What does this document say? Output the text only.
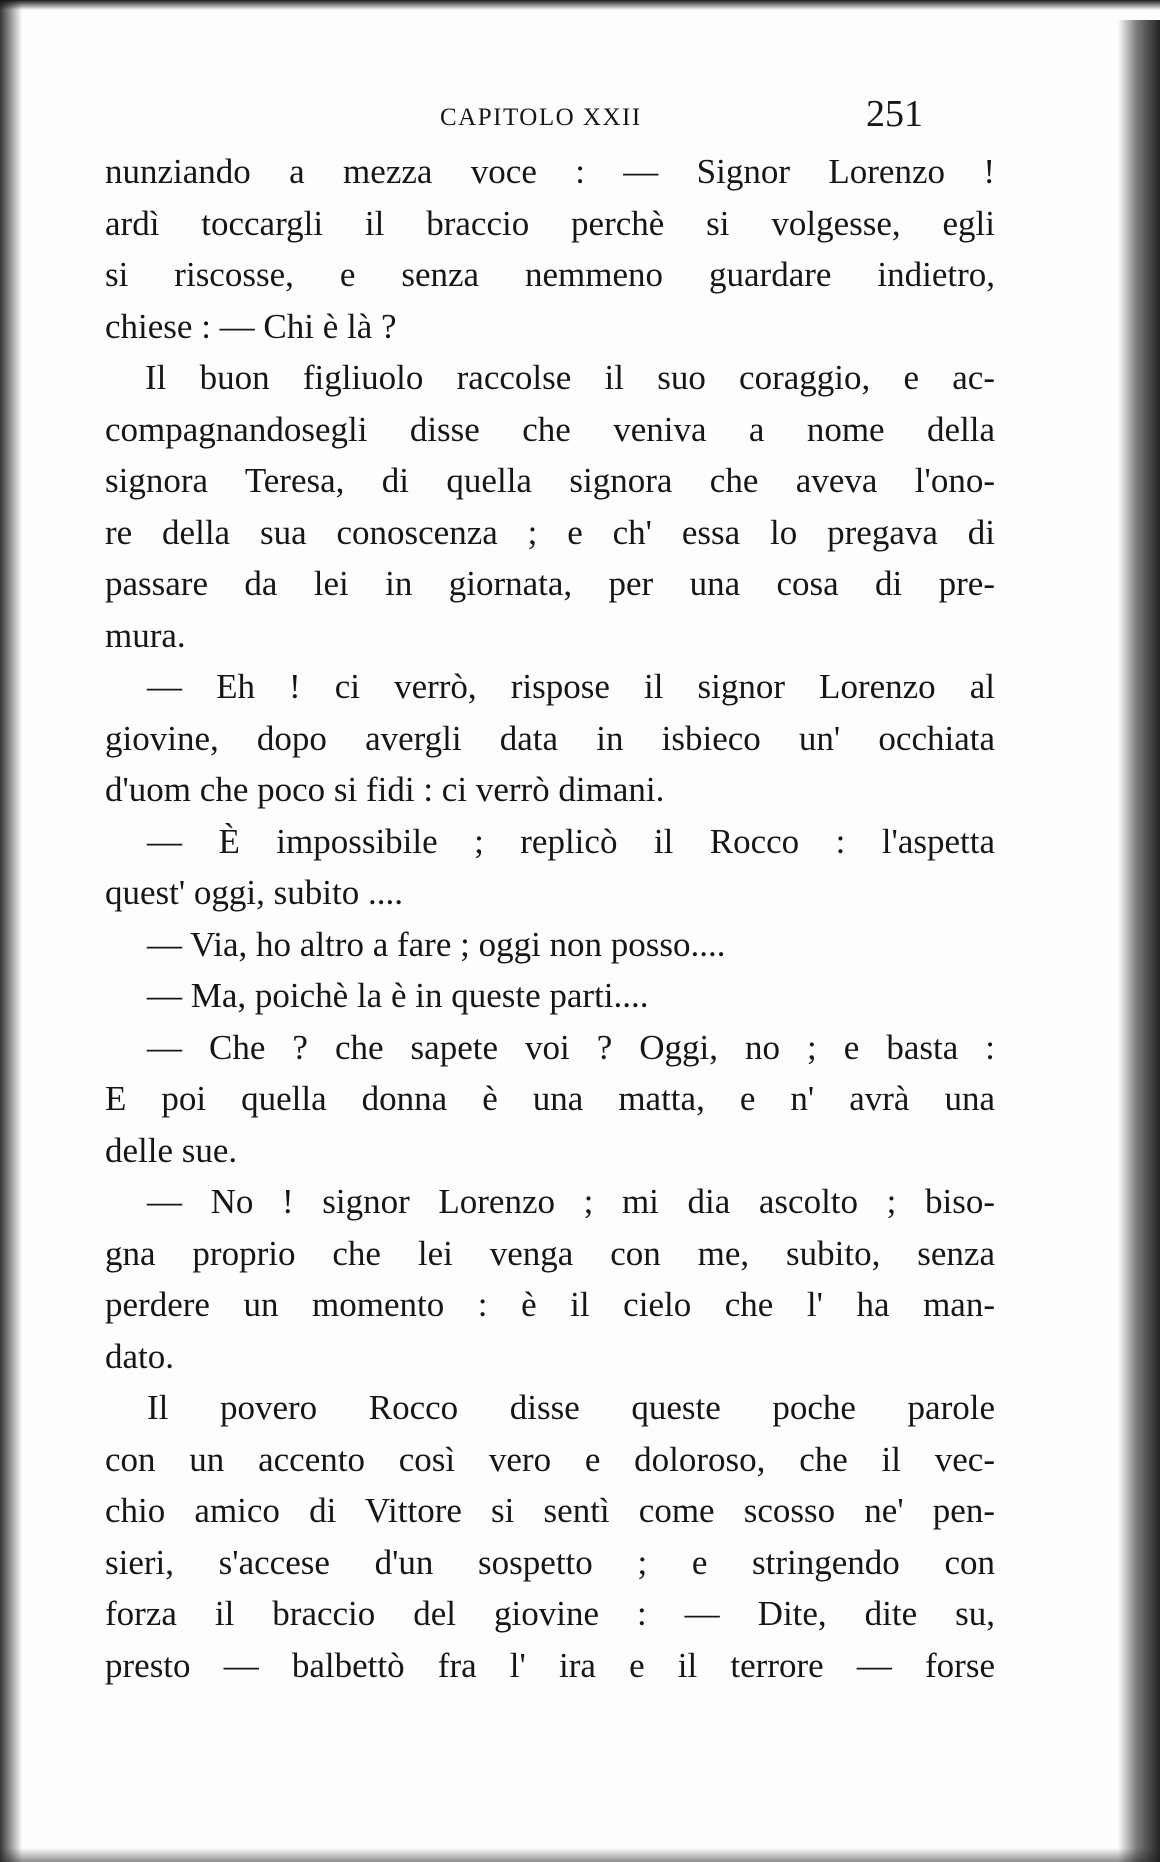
CAPITOLO XXII	251
nunziando a mezza voce : — Signor Lorenzo !
ardì toccargli il braccio perchè si volgesse, egli
si riscosse, e senza nemmeno guardare indietro,
chiese : — Chi è là ?
Il buon figliuolo raccolse il suo coraggio, e ac-
compagnandosegli disse che veniva a nome della
signora Teresa, di quella signora che aveva l'ono-
re della sua conoscenza ; e ch' essa lo pregava di
passare da lei in giornata, per una cosa di pre-
mura.
— Eh ! ci verrò, rispose il signor Lorenzo al
giovine, dopo avergli data in isbieco un' occhiata
d'uom che poco si fidi : ci verrò dimani.
— È impossibile ; replicò il Rocco : l'aspetta
quest' oggi, subito ....
— Via, ho altro a fare ; oggi non posso....
— Ma, poichè la è in queste parti....
— Che ? che sapete voi ? Oggi, no ; e basta :
E poi quella donna è una matta, e n' avrà una
delle sue.
— No ! signor Lorenzo ; mi dia ascolto ; biso-
gna proprio che lei venga con me, subito, senza
perdere un momento : è il cielo che l' ha man-
dato.
Il povero Rocco disse queste poche parole
con un accento così vero e doloroso, che il vec-
chio amico di Vittore si sentì come scosso ne' pen-
sieri, s'accese d'un sospetto ; e stringendo con
forza il braccio del giovine : — Dite, dite su,
presto — balbettò fra l' ira e il terrore — forse
